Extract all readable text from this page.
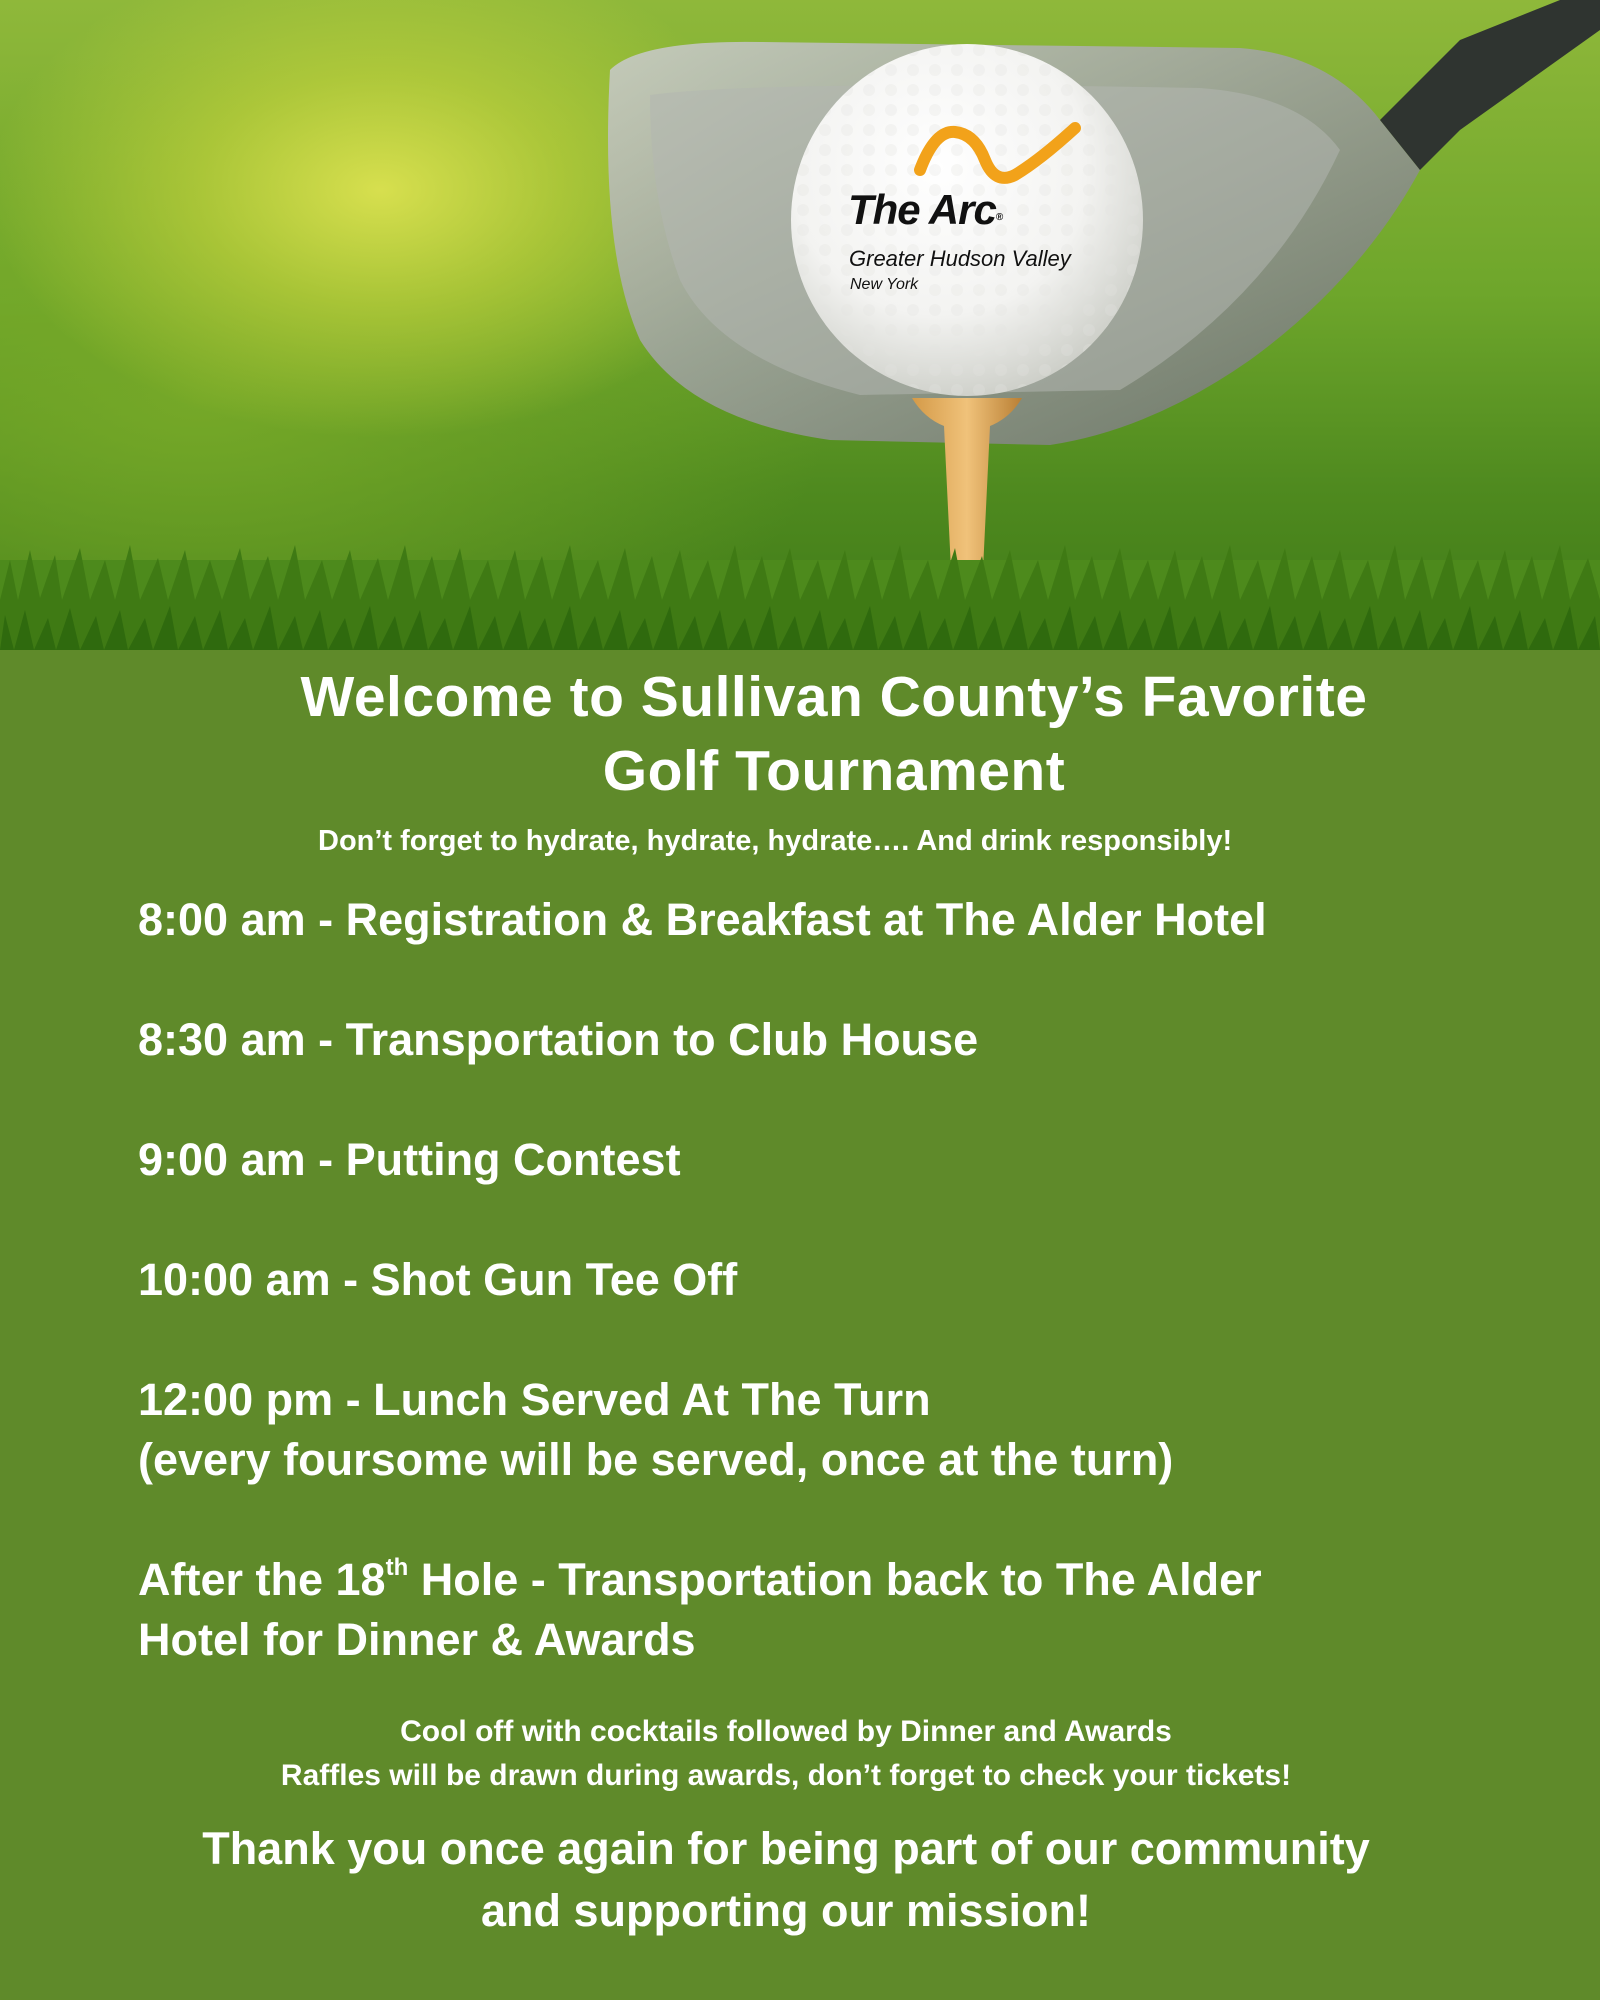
The Arc®
Greater Hudson Valley
New York
Welcome to Sullivan County’s Favorite
Golf Tournament
Don’t forget to hydrate, hydrate, hydrate…. And drink responsibly!
8:00 am - Registration & Breakfast at The Alder Hotel
8:30 am - Transportation to Club House
9:00 am - Putting Contest
10:00 am - Shot Gun Tee Off
12:00 pm - Lunch Served At The Turn
(every foursome will be served, once at the turn)
After the 18th Hole - Transportation back to The Alder
Hotel for Dinner & Awards
Cool off with cocktails followed by Dinner and Awards
Raffles will be drawn during awards, don’t forget to check your tickets!
Thank you once again for being part of our community
and supporting our mission!
